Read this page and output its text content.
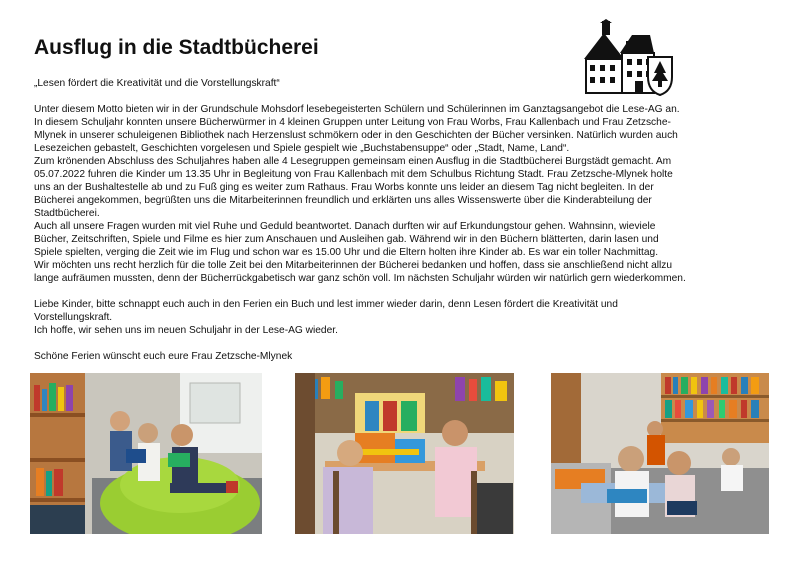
Ausflug in die Stadtbücherei

„Lesen fördert die Kreativität und die Vorstellungskraft“

Unter diesem Motto bieten wir in der Grundschule Mohsdorf lesebegeisterten Schülern und Schülerinnen im Ganztagsangebot die Lese-AG an.

In diesem Schuljahr konnten unsere Bücherwürmer in 4 kleinen Gruppen unter Leitung von Frau Worbs, Frau Kallenbach und Frau Zetzsche-

Mlynek in unserer schuleigenen Bibliothek nach Herzenslust schmökern oder in den Geschichten der Bücher versinken. Natürlich wurden auch

Lesezeichen gebastelt, Geschichten vorgelesen und Spiele gespielt wie „Buchstabensuppe“ oder „Stadt, Name, Land“.

Zum krönenden Abschluss des Schuljahres haben alle 4 Lesegruppen gemeinsam einen Ausflug in die Stadtbücherei Burgstädt gemacht. Am

05.07.2022 fuhren die Kinder um 13.35 Uhr in Begleitung von Frau Kallenbach mit dem Schulbus Richtung Stadt. Frau Zetzsche-Mlynek holte

uns an der Bushaltestelle ab und zu Fuß ging es weiter zum Rathaus. Frau Worbs konnte uns leider an diesem Tag nicht begleiten. In der

Bücherei angekommen, begrüßten uns die Mitarbeiterinnen freundlich und erklärten uns alles Wissenswerte über die Kinderabteilung der

Stadtbücherei.

Auch all unsere Fragen wurden mit viel Ruhe und Geduld beantwortet. Danach durften wir auf Erkundungstour gehen. Wahnsinn, wieviele

Bücher, Zeitschriften, Spiele und Filme es hier zum Anschauen und Ausleihen gab. Während wir in den Büchern blätterten, darin lasen und

Spiele spielten, verging die Zeit wie im Flug und schon war es 15.00 Uhr und die Eltern holten ihre Kinder ab. Es war ein toller Nachmittag.

Wir möchten uns recht herzlich für die tolle Zeit bei den Mitarbeiterinnen der Bücherei bedanken und hoffen, dass sie anschließend nicht allzu

lange aufräumen mussten, denn der Bücherrückgabetisch war ganz schön voll. Im nächsten Schuljahr würden wir natürlich gern wiederkommen.

Liebe Kinder, bitte schnappt euch auch in den Ferien ein Buch und lest immer wieder darin, denn Lesen fördert die Kreativität und

Vorstellungskraft.

Ich hoffe, wir sehen uns im neuen Schuljahr in der Lese-AG wieder.

Schöne Ferien wünscht euch eure Frau Zetzsche-Mlynek
